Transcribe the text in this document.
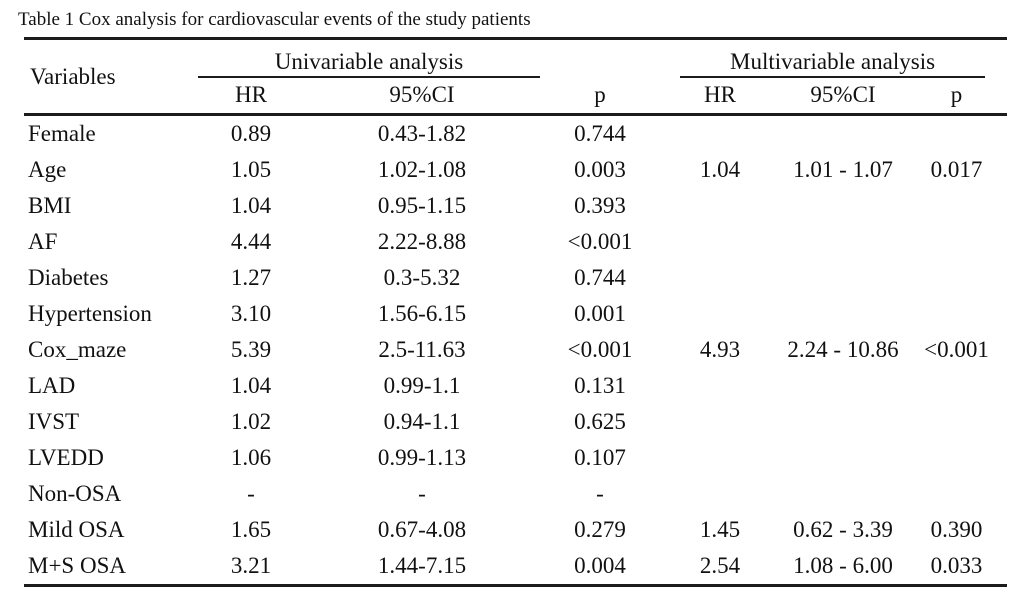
Table 1 Cox analysis for cardiovascular events of the study patients
Variables	Univariable analysis			Multivariable analysis		

	HR	95%CI	p	HR	95%CI	p
Female	0.89	0.43-1.82	0.744			
Age	1.05	1.02-1.08	0.003	1.04	1.01 - 1.07	0.017
BMI	1.04	0.95-1.15	0.393			
AF	4.44	2.22-8.88	<0.001			
Diabetes	1.27	0.3-5.32	0.744			
Hypertension	3.10	1.56-6.15	0.001			
Cox_maze	5.39	2.5-11.63	<0.001	4.93	2.24 - 10.86	<0.001
LAD	1.04	0.99-1.1	0.131			
IVST	1.02	0.94-1.1	0.625			
LVEDD	1.06	0.99-1.13	0.107			
Non-OSA	-	-	-			
Mild OSA	1.65	0.67-4.08	0.279	1.45	0.62 - 3.39	0.390
M+S OSA	3.21	1.44-7.15	0.004	2.54	1.08 - 6.00	0.033
